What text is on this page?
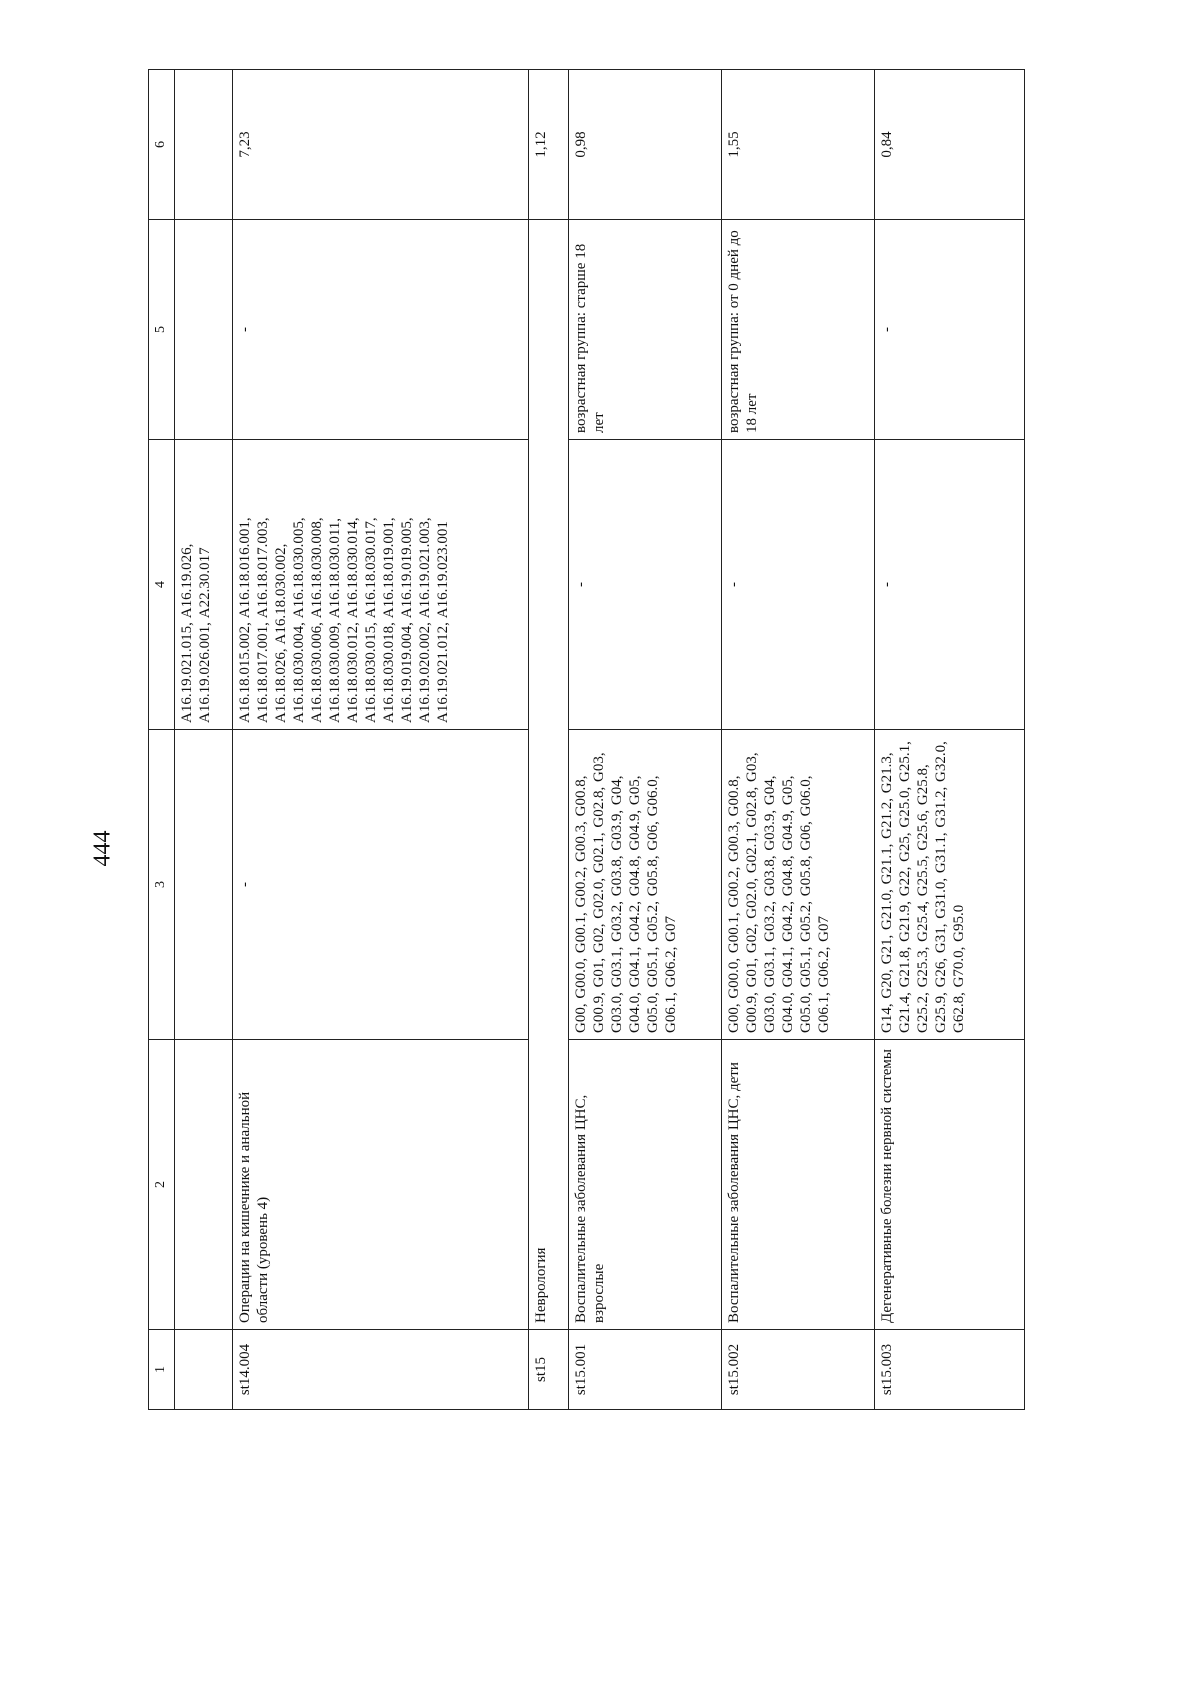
444
1	2	3	4	5	6
			A16.19.021.015, A16.19.026, A16.19.026.001, A22.30.017		
st14.004	Операции на кишечнике и анальной области (уровень 4)	-	A16.18.015.002, A16.18.016.001, A16.18.017.001, A16.18.017.003, A16.18.026, A16.18.030.002, A16.18.030.004, A16.18.030.005, A16.18.030.006, A16.18.030.008, A16.18.030.009, A16.18.030.011, A16.18.030.012, A16.18.030.014, A16.18.030.015, A16.18.030.017, A16.18.030.018, A16.18.019.001, A16.19.019.004, A16.19.019.005, A16.19.020.002, A16.19.021.003, A16.19.021.012, A16.19.023.001	-	7,23
st15	Неврология				1,12
st15.001	Воспалительные заболевания ЦНС, взрослые	G00, G00.0, G00.1, G00.2, G00.3, G00.8, G00.9, G01, G02, G02.0, G02.1, G02.8, G03, G03.0, G03.1, G03.2, G03.8, G03.9, G04, G04.0, G04.1, G04.2, G04.8, G04.9, G05, G05.0, G05.1, G05.2, G05.8, G06, G06.0, G06.1, G06.2, G07	-	возрастная группа: старше 18 лет	0,98
st15.002	Воспалительные заболевания ЦНС, дети	G00, G00.0, G00.1, G00.2, G00.3, G00.8, G00.9, G01, G02, G02.0, G02.1, G02.8, G03, G03.0, G03.1, G03.2, G03.8, G03.9, G04, G04.0, G04.1, G04.2, G04.8, G04.9, G05, G05.0, G05.1, G05.2, G05.8, G06, G06.0, G06.1, G06.2, G07	-	возрастная группа: от 0 дней до 18 лет	1,55
st15.003	Дегенеративные болезни нервной системы	G14, G20, G21, G21.0, G21.1, G21.2, G21.3, G21.4, G21.8, G21.9, G22, G25, G25.0, G25.1, G25.2, G25.3, G25.4, G25.5, G25.6, G25.8, G25.9, G26, G31, G31.0, G31.1, G31.2, G32.0, G62.8, G70.0, G95.0	-	-	0,84
